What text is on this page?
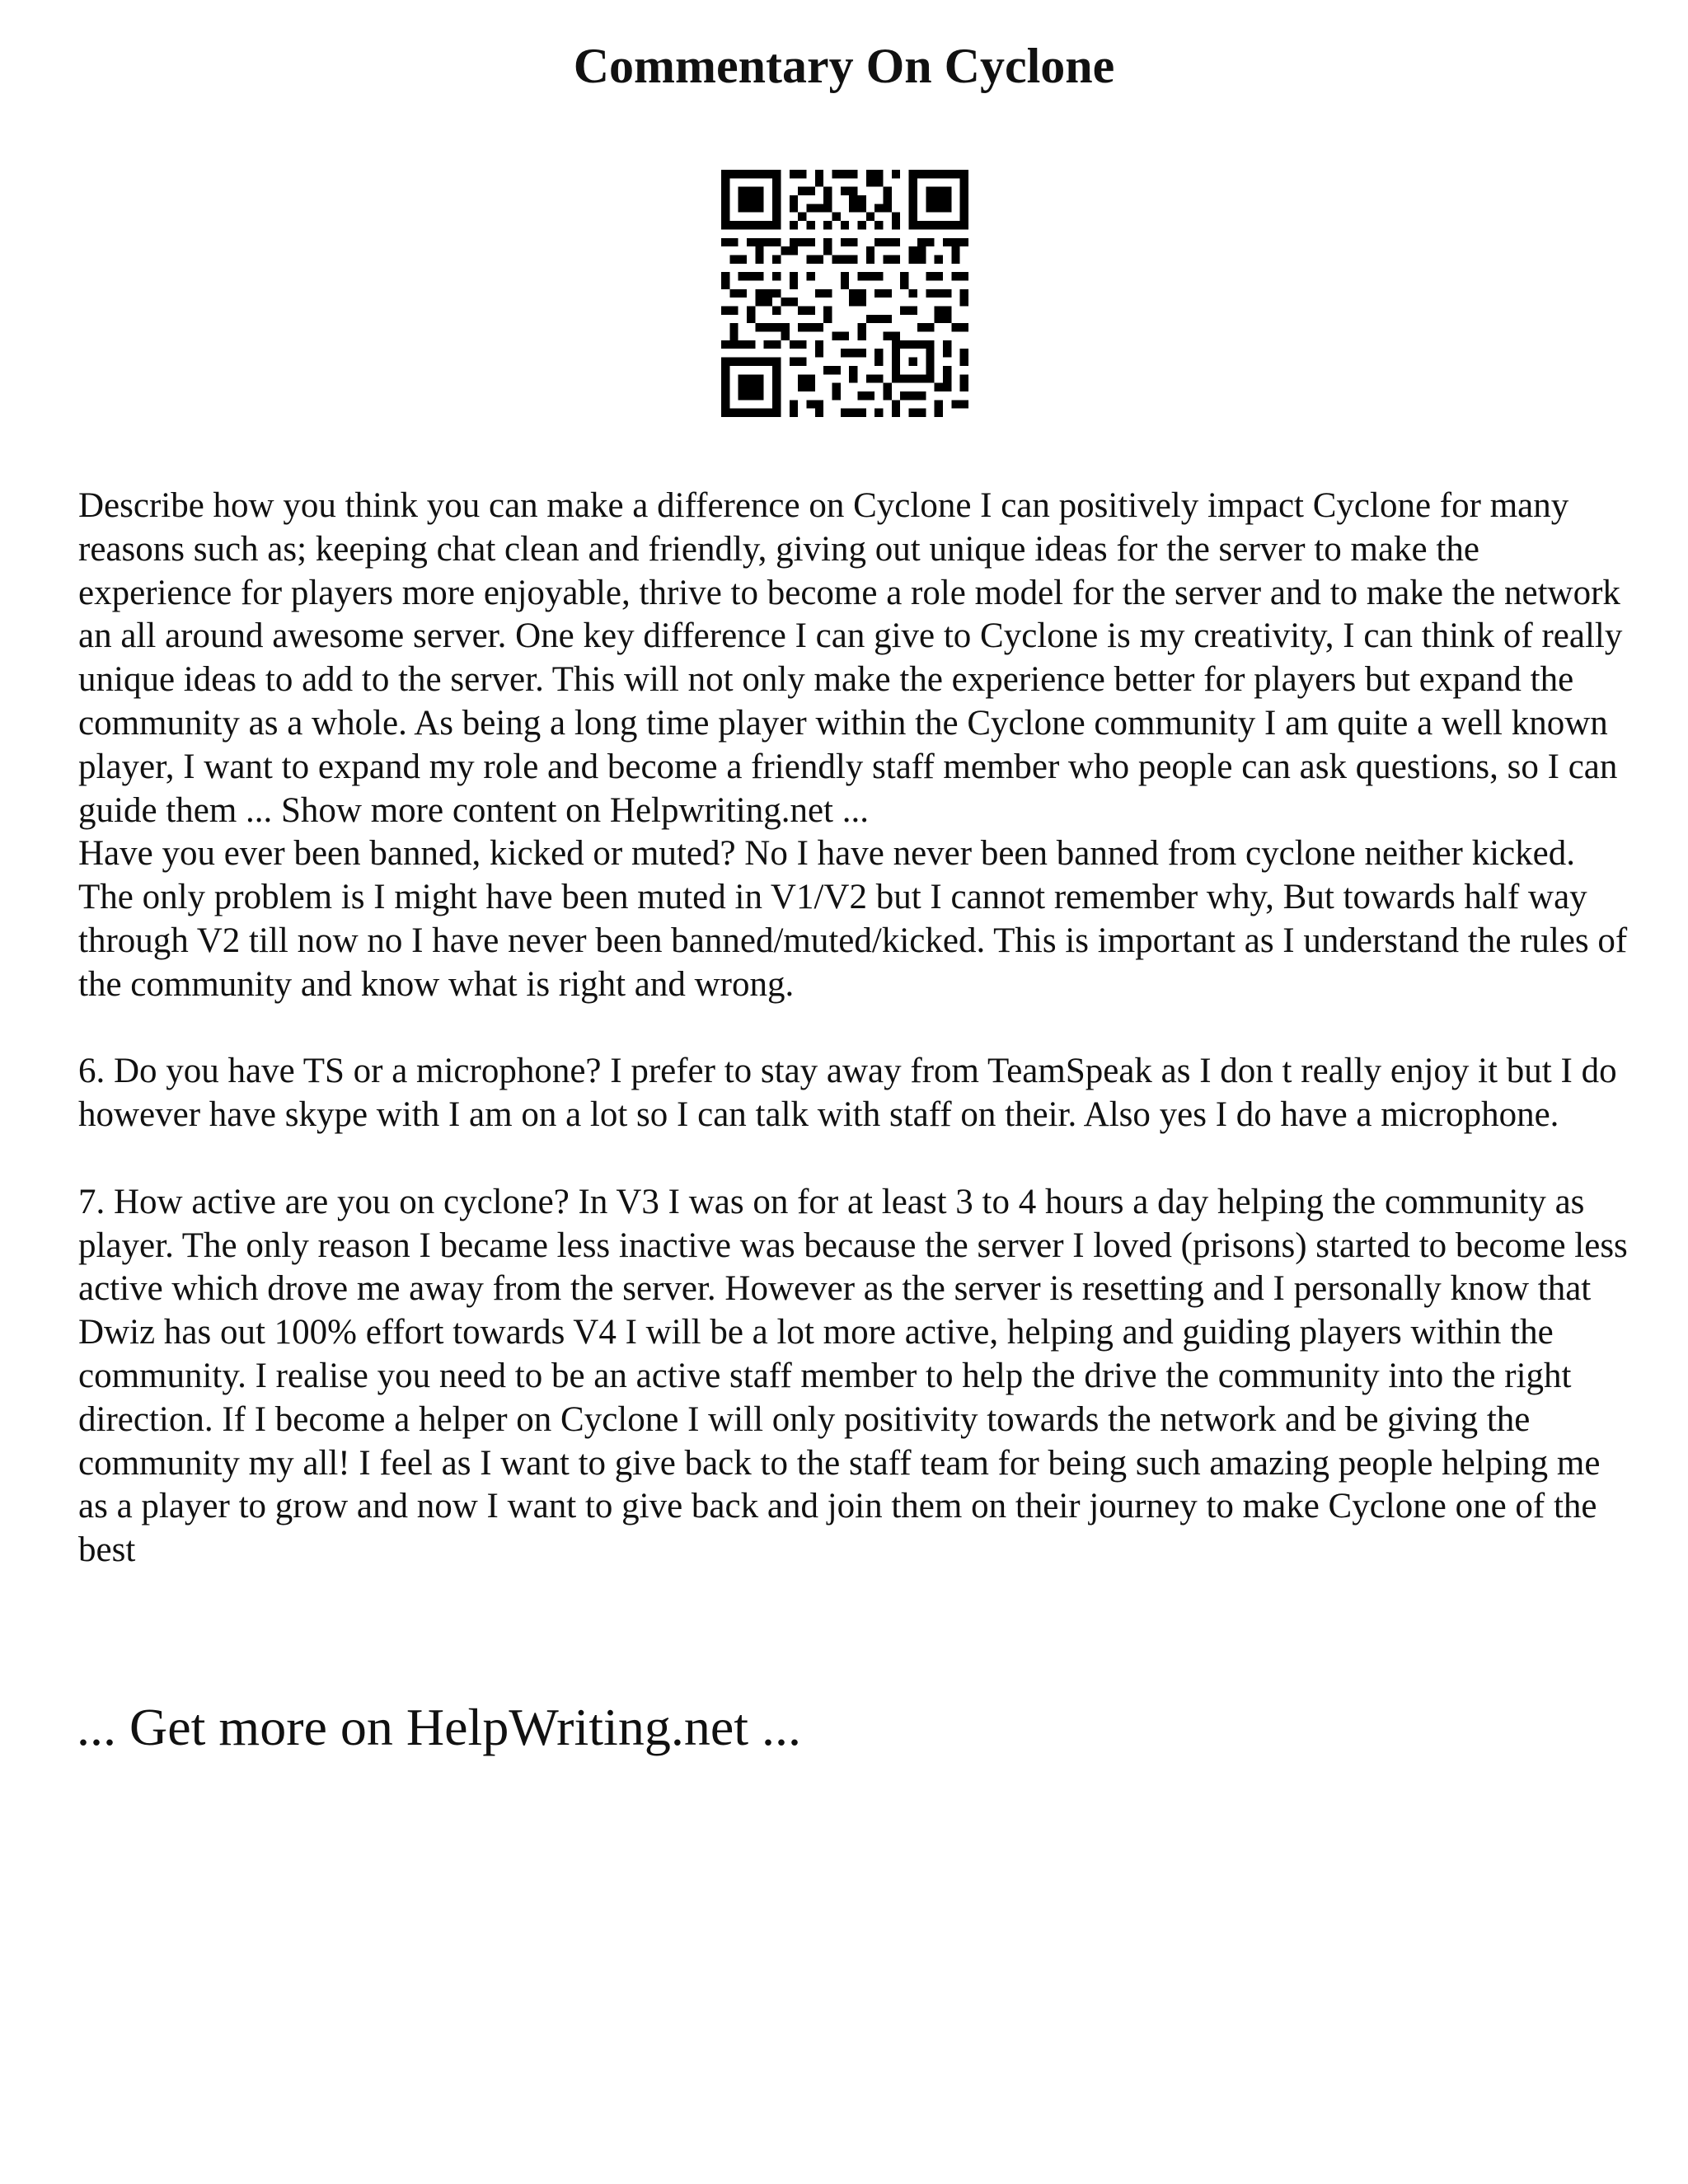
Commentary On Cyclone

Describe how you think you can make a difference on Cyclone I can positively impact Cyclone for many reasons such as; keeping chat clean and friendly, giving out unique ideas for the server to make the experience for players more enjoyable, thrive to become a role model for the server and to make the network an all around awesome server. One key difference I can give to Cyclone is my creativity, I can think of really unique ideas to add to the server. This will not only make the experience better for players but expand the community as a whole. As being a long time player within the Cyclone community I am quite a well known player, I want to expand my role and become a friendly staff member who people can ask questions, so I can guide them ... Show more content on Helpwriting.net ...

Have you ever been banned, kicked or muted? No I have never been banned from cyclone neither kicked. The only problem is I might have been muted in V1/V2 but I cannot remember why, But towards half way through V2 till now no I have never been banned/muted/kicked. This is important as I understand the rules of the community and know what is right and wrong.

6. Do you have TS or a microphone? I prefer to stay away from TeamSpeak as I don t really enjoy it but I do however have skype with I am on a lot so I can talk with staff on their. Also yes I do have a microphone.

7. How active are you on cyclone? In V3 I was on for at least 3 to 4 hours a day helping the community as player. The only reason I became less inactive was because the server I loved (prisons) started to become less active which drove me away from the server. However as the server is resetting and I personally know that Dwiz has out 100% effort towards V4 I will be a lot more active, helping and guiding players within the community. I realise you need to be an active staff member to help the drive the community into the right direction. If I become a helper on Cyclone I will only positivity towards the network and be giving the community my all! I feel as I want to give back to the staff team for being such amazing people helping me as a player to grow and now I want to give back and join them on their journey to make Cyclone one of the best

... Get more on HelpWriting.net ...
